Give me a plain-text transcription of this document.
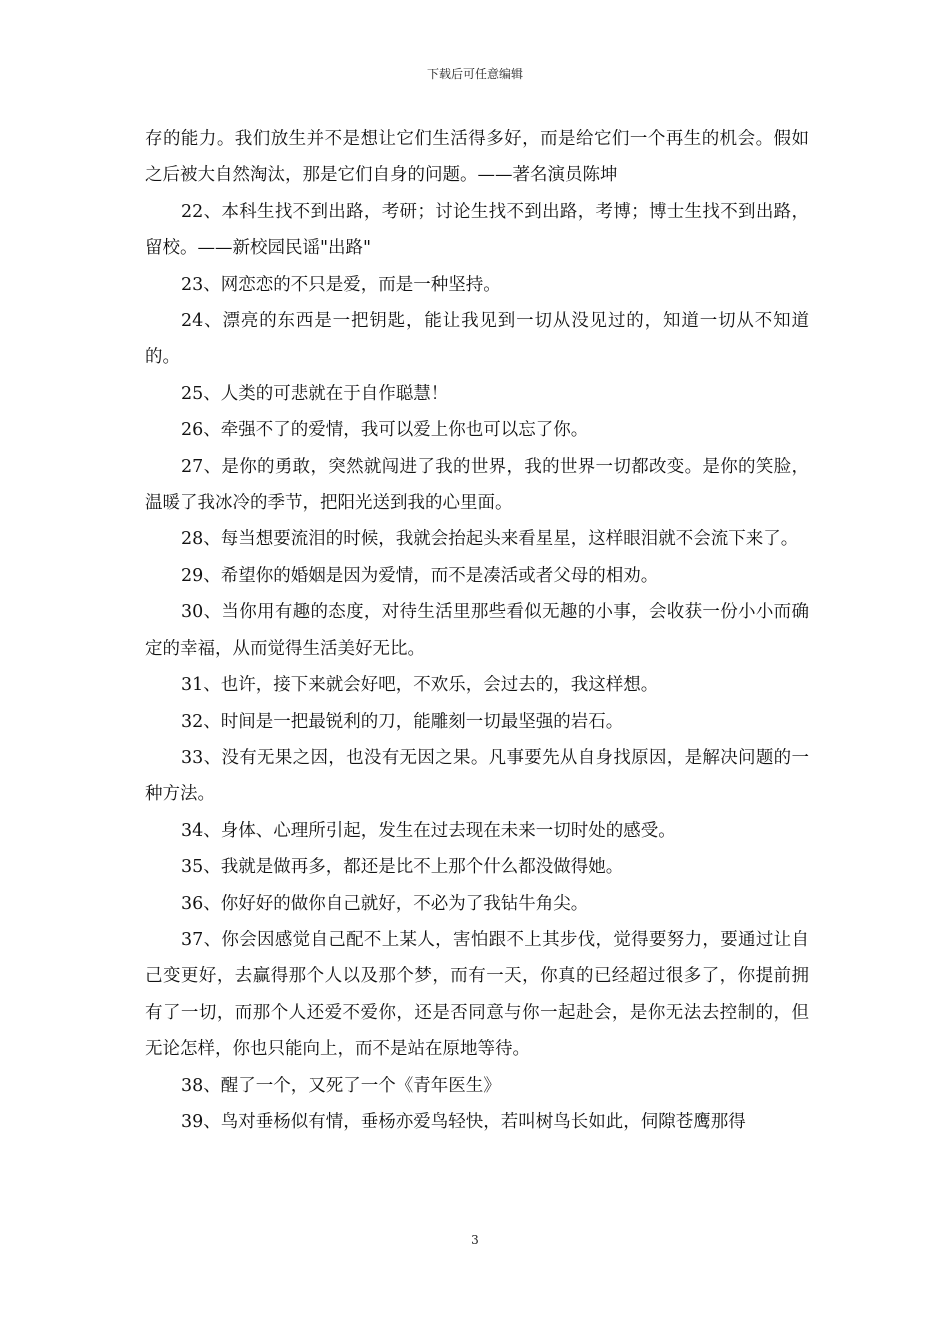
下载后可任意编辑

存的能力。我们放生并不是想让它们生活得多好，而是给它们一个再生的机会。假如之后被大自然淘汰，那是它们自身的问题。——著名演员陈坤

22、本科生找不到出路，考研；讨论生找不到出路，考博；博士生找不到出路，留校。——新校园民谣"出路"

23、网恋恋的不只是爱，而是一种坚持。

24、漂亮的东西是一把钥匙，能让我见到一切从没见过的，知道一切从不知道的。

25、人类的可悲就在于自作聪慧！

26、牵强不了的爱情，我可以爱上你也可以忘了你。

27、是你的勇敢，突然就闯进了我的世界，我的世界一切都改变。是你的笑脸，温暖了我冰冷的季节，把阳光送到我的心里面。

28、每当想要流泪的时候，我就会抬起头来看星星，这样眼泪就不会流下来了。

29、希望你的婚姻是因为爱情，而不是凑活或者父母的相劝。

30、当你用有趣的态度，对待生活里那些看似无趣的小事，会收获一份小小而确定的幸福，从而觉得生活美好无比。

31、也许，接下来就会好吧，不欢乐，会过去的，我这样想。

32、时间是一把最锐利的刀，能雕刻一切最坚强的岩石。

33、没有无果之因，也没有无因之果。凡事要先从自身找原因，是解决问题的一种方法。

34、身体、心理所引起，发生在过去现在未来一切时处的感受。

35、我就是做再多，都还是比不上那个什么都没做得她。

36、你好好的做你自己就好，不必为了我钻牛角尖。

37、你会因感觉自己配不上某人，害怕跟不上其步伐，觉得要努力，要通过让自己变更好，去赢得那个人以及那个梦，而有一天，你真的已经超过很多了，你提前拥有了一切，而那个人还爱不爱你，还是否同意与你一起赴会，是你无法去控制的，但无论怎样，你也只能向上，而不是站在原地等待。

38、醒了一个，又死了一个《青年医生》

39、鸟对垂杨似有情，垂杨亦爱鸟轻快，若叫树鸟长如此，伺隙苍鹰那得

3
